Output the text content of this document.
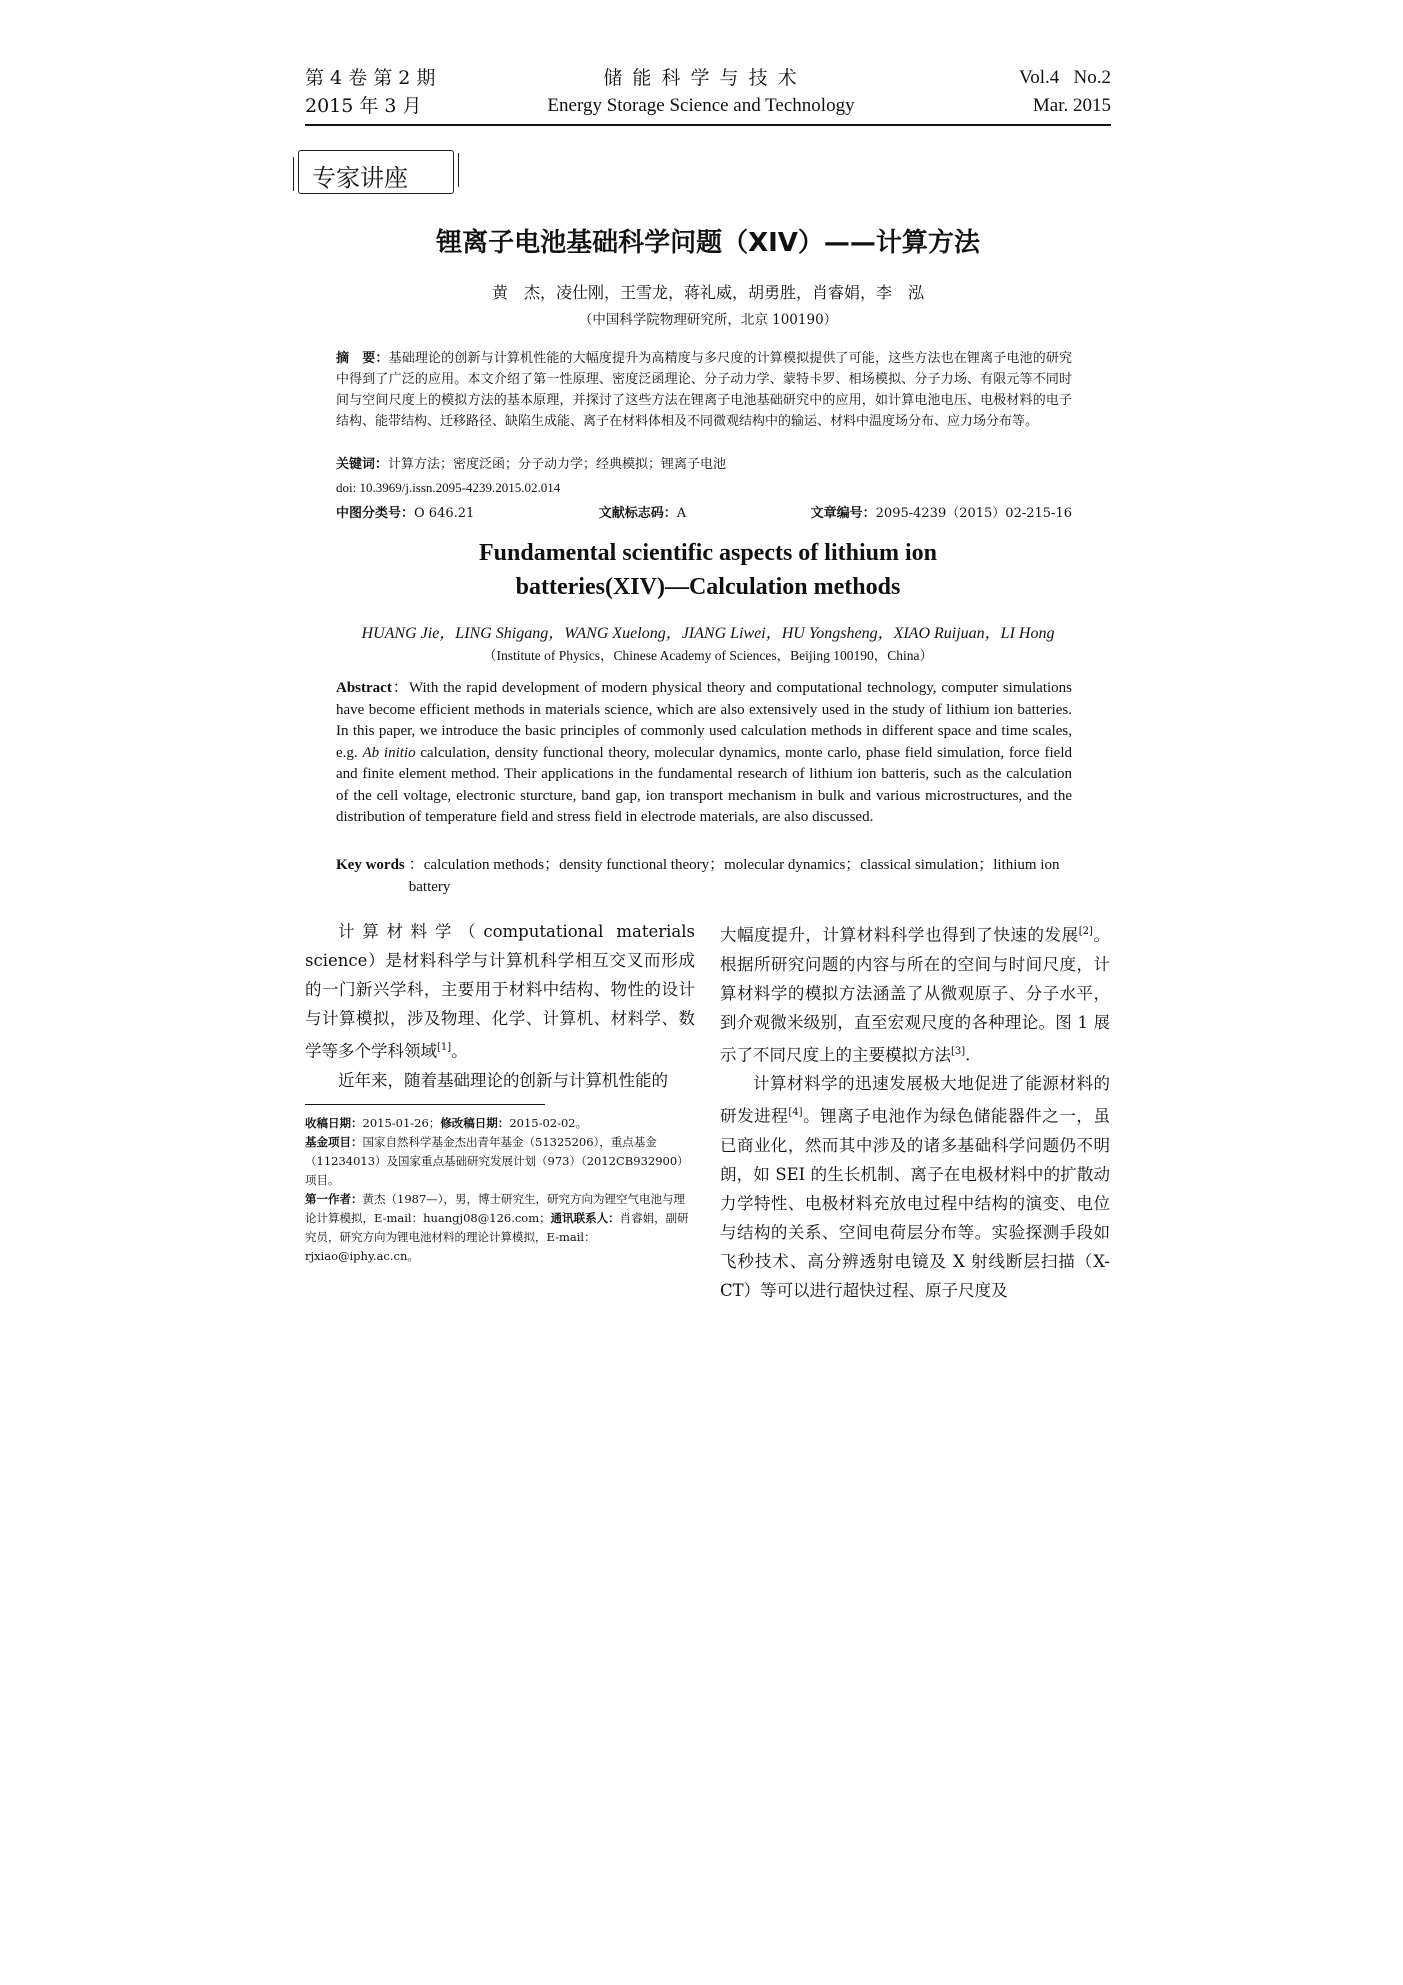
第 4 卷 第 2 期
2015 年 3 月
储 能 科 学 与 技 术
Energy Storage Science and Technology
Vol.4   No.2
Mar. 2015
专家讲座
锂离子电池基础科学问题（XIV）——计算方法
黄　杰，凌仕刚，王雪龙，蒋礼威，胡勇胜，肖睿娟，李　泓
（中国科学院物理研究所，北京 100190）
摘　要：基础理论的创新与计算机性能的大幅度提升为高精度与多尺度的计算模拟提供了可能，这些方法也在锂离子电池的研究中得到了广泛的应用。本文介绍了第一性原理、密度泛函理论、分子动力学、蒙特卡罗、相场模拟、分子力场、有限元等不同时间与空间尺度上的模拟方法的基本原理，并探讨了这些方法在锂离子电池基础研究中的应用，如计算电池电压、电极材料的电子结构、能带结构、迁移路径、缺陷生成能、离子在材料体相及不同微观结构中的输运、材料中温度场分布、应力场分布等。
关键词：计算方法；密度泛函；分子动力学；经典模拟；锂离子电池
doi: 10.3969/j.issn.2095-4239.2015.02.014
中图分类号：O 646.21	文献标志码：A	文章编号：2095-4239（2015）02-215-16
Fundamental scientific aspects of lithium ion
batteries(XIV)—Calculation methods
HUANG Jie，LING Shigang，WANG Xuelong，JIANG Liwei，HU Yongsheng，XIAO Ruijuan，LI Hong
（Institute of Physics，Chinese Academy of Sciences，Beijing 100190，China）
Abstract：With the rapid development of modern physical theory and computational technology, computer simulations have become efficient methods in materials science, which are also extensively used in the study of lithium ion batteries. In this paper, we introduce the basic principles of commonly used calculation methods in different space and time scales, e.g. Ab initio calculation, density functional theory, molecular dynamics, monte carlo, phase field simulation, force field and finite element method. Their applications in the fundamental research of lithium ion batteris, such as the calculation of the cell voltage, electronic sturcture, band gap, ion transport mechanism in bulk and various microstructures, and the distribution of temperature field and stress field in electrode materials, are also discussed.
Key words ：calculation methods；density functional theory；molecular dynamics；classical simulation；lithium ion battery

计算材料学（computational materials science）是材料科学与计算机科学相互交叉而形成的一门新兴学科，主要用于材料中结构、物性的设计与计算模拟，涉及物理、化学、计算机、材料学、数学等多个学科领域[1]。

近年来，随着基础理论的创新与计算机性能的

收稿日期：2015-01-26；修改稿日期：2015-02-02。

基金项目：国家自然科学基金杰出青年基金（51325206），重点基金（11234013）及国家重点基础研究发展计划（973）（2012CB932900）项目。

第一作者：黄杰（1987—），男，博士研究生，研究方向为锂空气电池与理论计算模拟，E-mail：huangj08@126.com；通讯联系人：肖睿娟，副研究员，研究方向为锂电池材料的理论计算模拟，E-mail：rjxiao@iphy.ac.cn。

大幅度提升，计算材料科学也得到了快速的发展[2]。根据所研究问题的内容与所在的空间与时间尺度，计算材料学的模拟方法涵盖了从微观原子、分子水平，到介观微米级别，直至宏观尺度的各种理论。图 1 展示了不同尺度上的主要模拟方法[3].

计算材料学的迅速发展极大地促进了能源材料的研发进程[4]。锂离子电池作为绿色储能器件之一，虽已商业化，然而其中涉及的诸多基础科学问题仍不明朗，如 SEI 的生长机制、离子在电极材料中的扩散动力学特性、电极材料充放电过程中结构的演变、电位与结构的关系、空间电荷层分布等。实验探测手段如飞秒技术、高分辨透射电镜及 X 射线断层扫描（X-CT）等可以进行超快过程、原子尺度及
